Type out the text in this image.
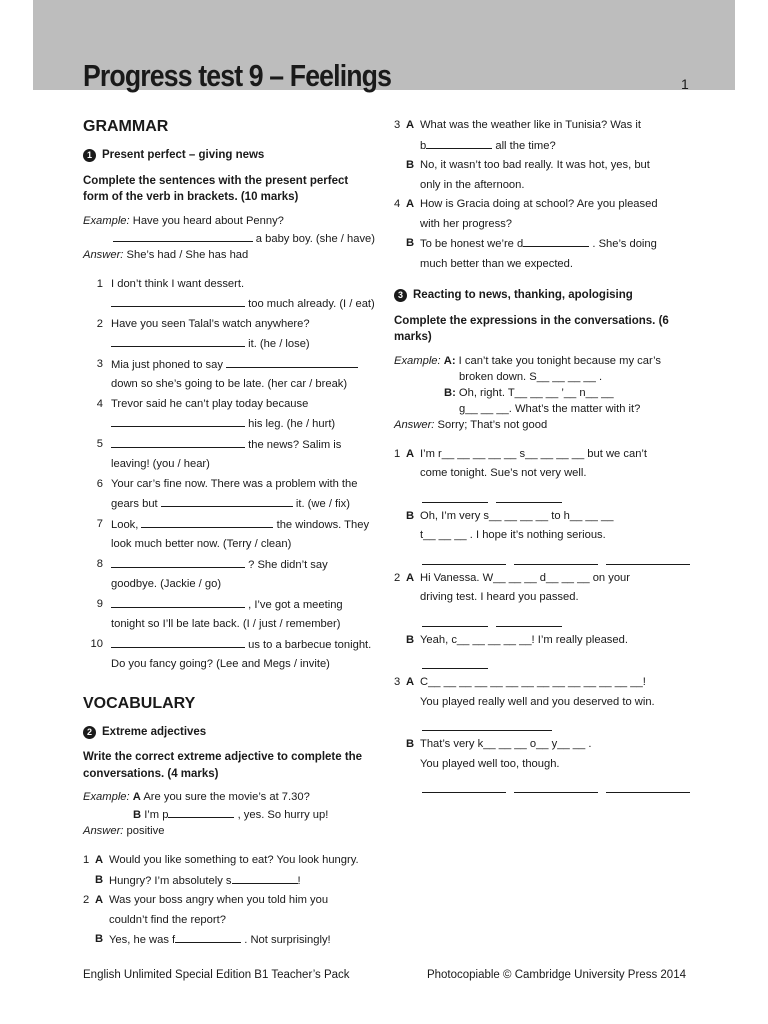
Progress test 9 – Feelings	1
GRAMMAR
1 Present perfect – giving news
Complete the sentences with the present perfect form of the verb in brackets. (10 marks)
Example: Have you heard about Penny?
a baby boy. (she / have)
Answer: She’s had / She has had
1 I don’t think I want dessert.
too much already. (I / eat)
2 Have you seen Talal’s watch anywhere?
it. (he / lose)
3 Mia just phoned to say
down so she’s going to be late. (her car / break)
4 Trevor said he can’t play today because
his leg. (he / hurt)
5	the news? Salim is
leaving! (you / hear)
6 Your car’s fine now. There was a problem with the
gears but	it. (we / fix)
7 Look,	the windows. They
look much better now. (Terry / clean)
8	? She didn’t say
goodbye. (Jackie / go)
9	, I’ve got a meeting
tonight so I’ll be late back. (I / just / remember)
10	us to a barbecue tonight.
Do you fancy going? (Lee and Megs / invite)
VOCABULARY
2 Extreme adjectives
Write the correct extreme adjective to complete the conversations. (4 marks)
Example: A Are you sure the movie’s at 7.30?
B I’m p	, yes. So hurry up!
Answer: positive
1 A Would you like something to eat? You look hungry.
B Hungry? I’m absolutely s	!
2 A Was your boss angry when you told him you
couldn’t find the report?
B Yes, he was f	. Not surprisingly!
3 A What was the weather like in Tunisia? Was it
b	all the time?
B No, it wasn’t too bad really. It was hot, yes, but
only in the afternoon.
4 A How is Gracia doing at school? Are you pleased
with her progress?
B To be honest we’re d	. She’s doing
much better than we expected.
3 Reacting to news, thanking, apologising
Complete the expressions in the conversations. (6 marks)
Example: A: I can’t take you tonight because my car’s
broken down. S__ __ __ __ .
B: Oh, right. T__ __ __ ’__ n__ __
g__ __ __. What’s the matter with it?
Answer: Sorry; That’s not good
1 A I’m r__ __ __ __ __ s__ __ __ __ but we can’t
come tonight. Sue’s not very well.
B Oh, I’m very s__ __ __ __ to h__ __ __
t__ __ __ . I hope it’s nothing serious.
2 A Hi Vanessa. W__ __ __ d__ __ __ on your
driving test. I heard you passed.
B Yeah, c__ __ __ __ __! I’m really pleased.
3 A C__ __ __ __ __ __ __ __ __ __ __ __ __ __!
You played really well and you deserved to win.
B That’s very k__ __ __ o__ y__ __ .
You played well too, though.
English Unlimited Special Edition B1 Teacher’s Pack	Photocopiable © Cambridge University Press 2014
